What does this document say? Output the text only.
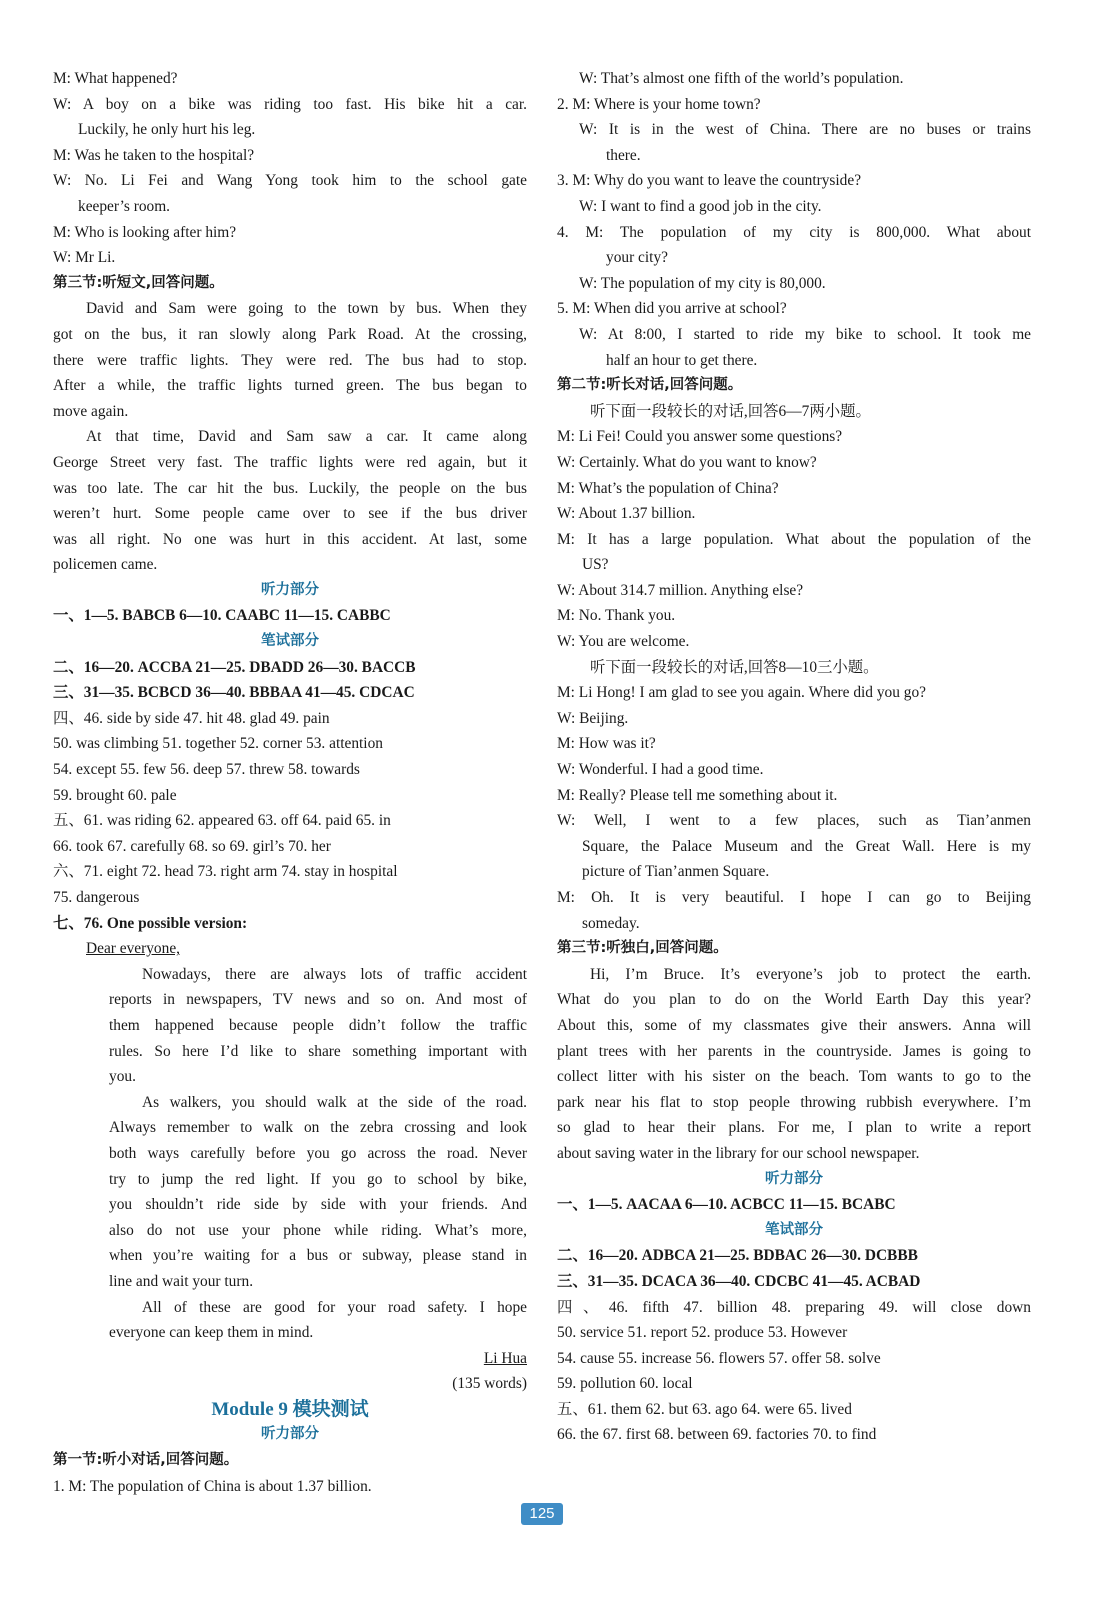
M: What happened?
W: A boy on a bike was riding too fast. His bike hit a car.
Luckily, he only hurt his leg.
M: Was he taken to the hospital?
W: No. Li Fei and Wang Yong took him to the school gate
keeper’s room.
M: Who is looking after him?
W: Mr Li.
第三节:听短文,回答问题。
David and Sam were going to the town by bus. When they
got on the bus, it ran slowly along Park Road. At the crossing,
there were traffic lights. They were red. The bus had to stop.
After a while, the traffic lights turned green. The bus began to
move again.
At that time, David and Sam saw a car. It came along
George Street very fast. The traffic lights were red again, but it
was too late. The car hit the bus. Luckily, the people on the bus
weren’t hurt. Some people came over to see if the bus driver
was all right. No one was hurt in this accident. At last, some
policemen came.
听力部分
一、1—5. BABCB 6—10. CAABC 11—15. CABBC
笔试部分
二、16—20. ACCBA 21—25. DBADD 26—30. BACCB
三、31—35. BCBCD 36—40. BBBAA 41—45. CDCAC
四、46. side by side 47. hit 48. glad 49. pain
50. was climbing 51. together 52. corner 53. attention
54. except 55. few 56. deep 57. threw 58. towards
59. brought 60. pale
五、61. was riding 62. appeared 63. off 64. paid 65. in
66. took 67. carefully 68. so 69. girl’s 70. her
六、71. eight 72. head 73. right arm 74. stay in hospital
75. dangerous
七、76. One possible version:
Dear everyone,
Nowadays, there are always lots of traffic accident
reports in newspapers, TV news and so on. And most of
them happened because people didn’t follow the traffic
rules. So here I’d like to share something important with
you.
As walkers, you should walk at the side of the road.
Always remember to walk on the zebra crossing and look
both ways carefully before you go across the road. Never
try to jump the red light. If you go to school by bike,
you shouldn’t ride side by side with your friends. And
also do not use your phone while riding. What’s more,
when you’re waiting for a bus or subway, please stand in
line and wait your turn.
All of these are good for your road safety. I hope
everyone can keep them in mind.
Li Hua
(135 words)
Module 9 模块测试
听力部分
第一节:听小对话,回答问题。
1. M: The population of China is about 1.37 billion.
W: That’s almost one fifth of the world’s population.
2. M: Where is your home town?
W: It is in the west of China. There are no buses or trains
there.
3. M: Why do you want to leave the countryside?
W: I want to find a good job in the city.
4. M: The population of my city is 800,000. What about
your city?
W: The population of my city is 80,000.
5. M: When did you arrive at school?
W: At 8:00, I started to ride my bike to school. It took me
half an hour to get there.
第二节:听长对话,回答问题。
听下面一段较长的对话,回答6—7两小题。
M: Li Fei! Could you answer some questions?
W: Certainly. What do you want to know?
M: What’s the population of China?
W: About 1.37 billion.
M: It has a large population. What about the population of the
US?
W: About 314.7 million. Anything else?
M: No. Thank you.
W: You are welcome.
听下面一段较长的对话,回答8—10三小题。
M: Li Hong! I am glad to see you again. Where did you go?
W: Beijing.
M: How was it?
W: Wonderful. I had a good time.
M: Really? Please tell me something about it.
W: Well, I went to a few places, such as Tian’anmen
Square, the Palace Museum and the Great Wall. Here is my
picture of Tian’anmen Square.
M: Oh. It is very beautiful. I hope I can go to Beijing
someday.
第三节:听独白,回答问题。
Hi, I’m Bruce. It’s everyone’s job to protect the earth.
What do you plan to do on the World Earth Day this year?
About this, some of my classmates give their answers. Anna will
plant trees with her parents in the countryside. James is going to
collect litter with his sister on the beach. Tom wants to go to the
park near his flat to stop people throwing rubbish everywhere. I’m
so glad to hear their plans. For me, I plan to write a report
about saving water in the library for our school newspaper.
听力部分
一、1—5. AACAA 6—10. ACBCC 11—15. BCABC
笔试部分
二、16—20. ADBCA 21—25. BDBAC 26—30. DCBBB
三、31—35. DCACA 36—40. CDCBC 41—45. ACBAD
四、46. fifth 47. billion 48. preparing 49. will close down
50. service 51. report 52. produce 53. However
54. cause 55. increase 56. flowers 57. offer 58. solve
59. pollution 60. local
五、61. them 62. but 63. ago 64. were 65. lived
66. the 67. first 68. between 69. factories 70. to find
125
